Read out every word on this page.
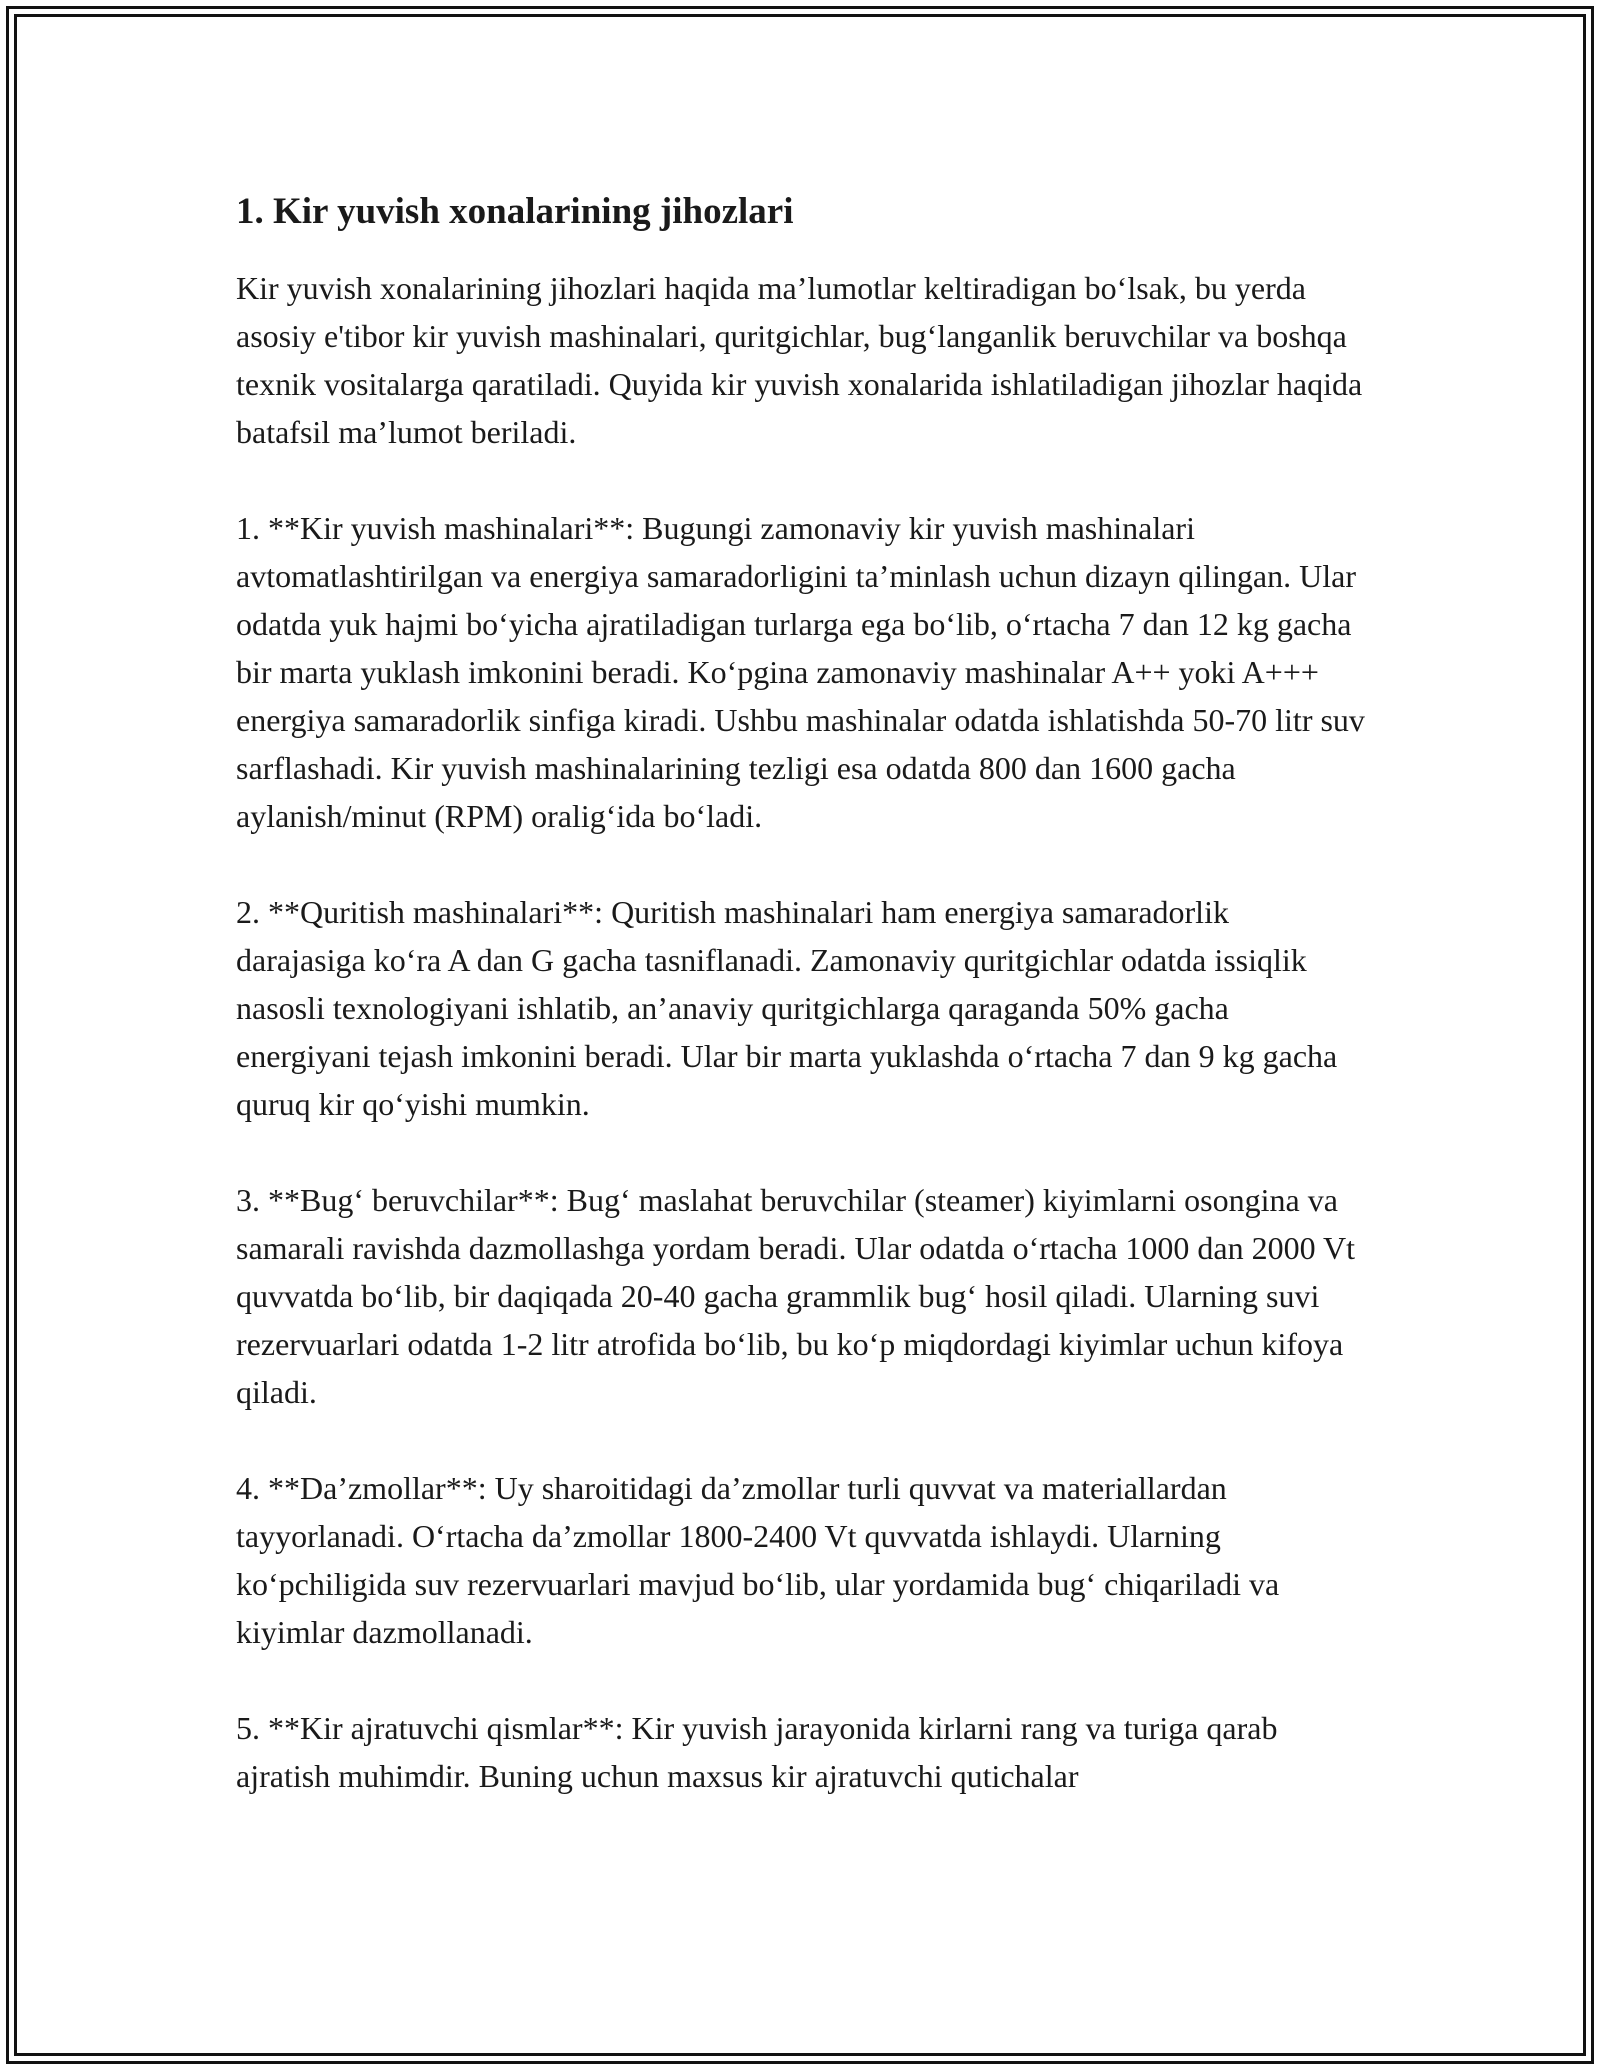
1. Kir yuvish xonalarining jihozlari

Kir yuvish xonalarining jihozlari haqida ma’lumotlar keltiradigan bo‘lsak, bu yerda asosiy e'tibor kir yuvish mashinalari, quritgichlar, bug‘langanlik beruvchilar va boshqa texnik vositalarga qaratiladi. Quyida kir yuvish xonalarida ishlatiladigan jihozlar haqida batafsil ma’lumot beriladi.

1. **Kir yuvish mashinalari**: Bugungi zamonaviy kir yuvish mashinalari avtomatlashtirilgan va energiya samaradorligini ta’minlash uchun dizayn qilingan. Ular odatda yuk hajmi bo‘yicha ajratiladigan turlarga ega bo‘lib, o‘rtacha 7 dan 12 kg gacha bir marta yuklash imkonini beradi. Ko‘pgina zamonaviy mashinalar A++ yoki A+++ energiya samaradorlik sinfiga kiradi. Ushbu mashinalar odatda ishlatishda 50-70 litr suv sarflashadi. Kir yuvish mashinalarining tezligi esa odatda 800 dan 1600 gacha aylanish/minut (RPM) oralig‘ida bo‘ladi.

2. **Quritish mashinalari**: Quritish mashinalari ham energiya samaradorlik darajasiga ko‘ra A dan G gacha tasniflanadi. Zamonaviy quritgichlar odatda issiqlik nasosli texnologiyani ishlatib, an’anaviy quritgichlarga qaraganda 50% gacha energiyani tejash imkonini beradi. Ular bir marta yuklashda o‘rtacha 7 dan 9 kg gacha quruq kir qo‘yishi mumkin.

3. **Bug‘ beruvchilar**: Bug‘ maslahat beruvchilar (steamer) kiyimlarni osongina va samarali ravishda dazmollashga yordam beradi. Ular odatda o‘rtacha 1000 dan 2000 Vt quvvatda bo‘lib, bir daqiqada 20-40 gacha grammlik bug‘ hosil qiladi. Ularning suvi rezervuarlari odatda 1-2 litr atrofida bo‘lib, bu ko‘p miqdordagi kiyimlar uchun kifoya qiladi.

4. **Da’zmollar**: Uy sharoitidagi da’zmollar turli quvvat va materiallardan tayyorlanadi. O‘rtacha da’zmollar 1800-2400 Vt quvvatda ishlaydi. Ularning ko‘pchiligida suv rezervuarlari mavjud bo‘lib, ular yordamida bug‘ chiqariladi va kiyimlar dazmollanadi.

5. **Kir ajratuvchi qismlar**: Kir yuvish jarayonida kirlarni rang va turiga qarab ajratish muhimdir. Buning uchun maxsus kir ajratuvchi qutichalar
